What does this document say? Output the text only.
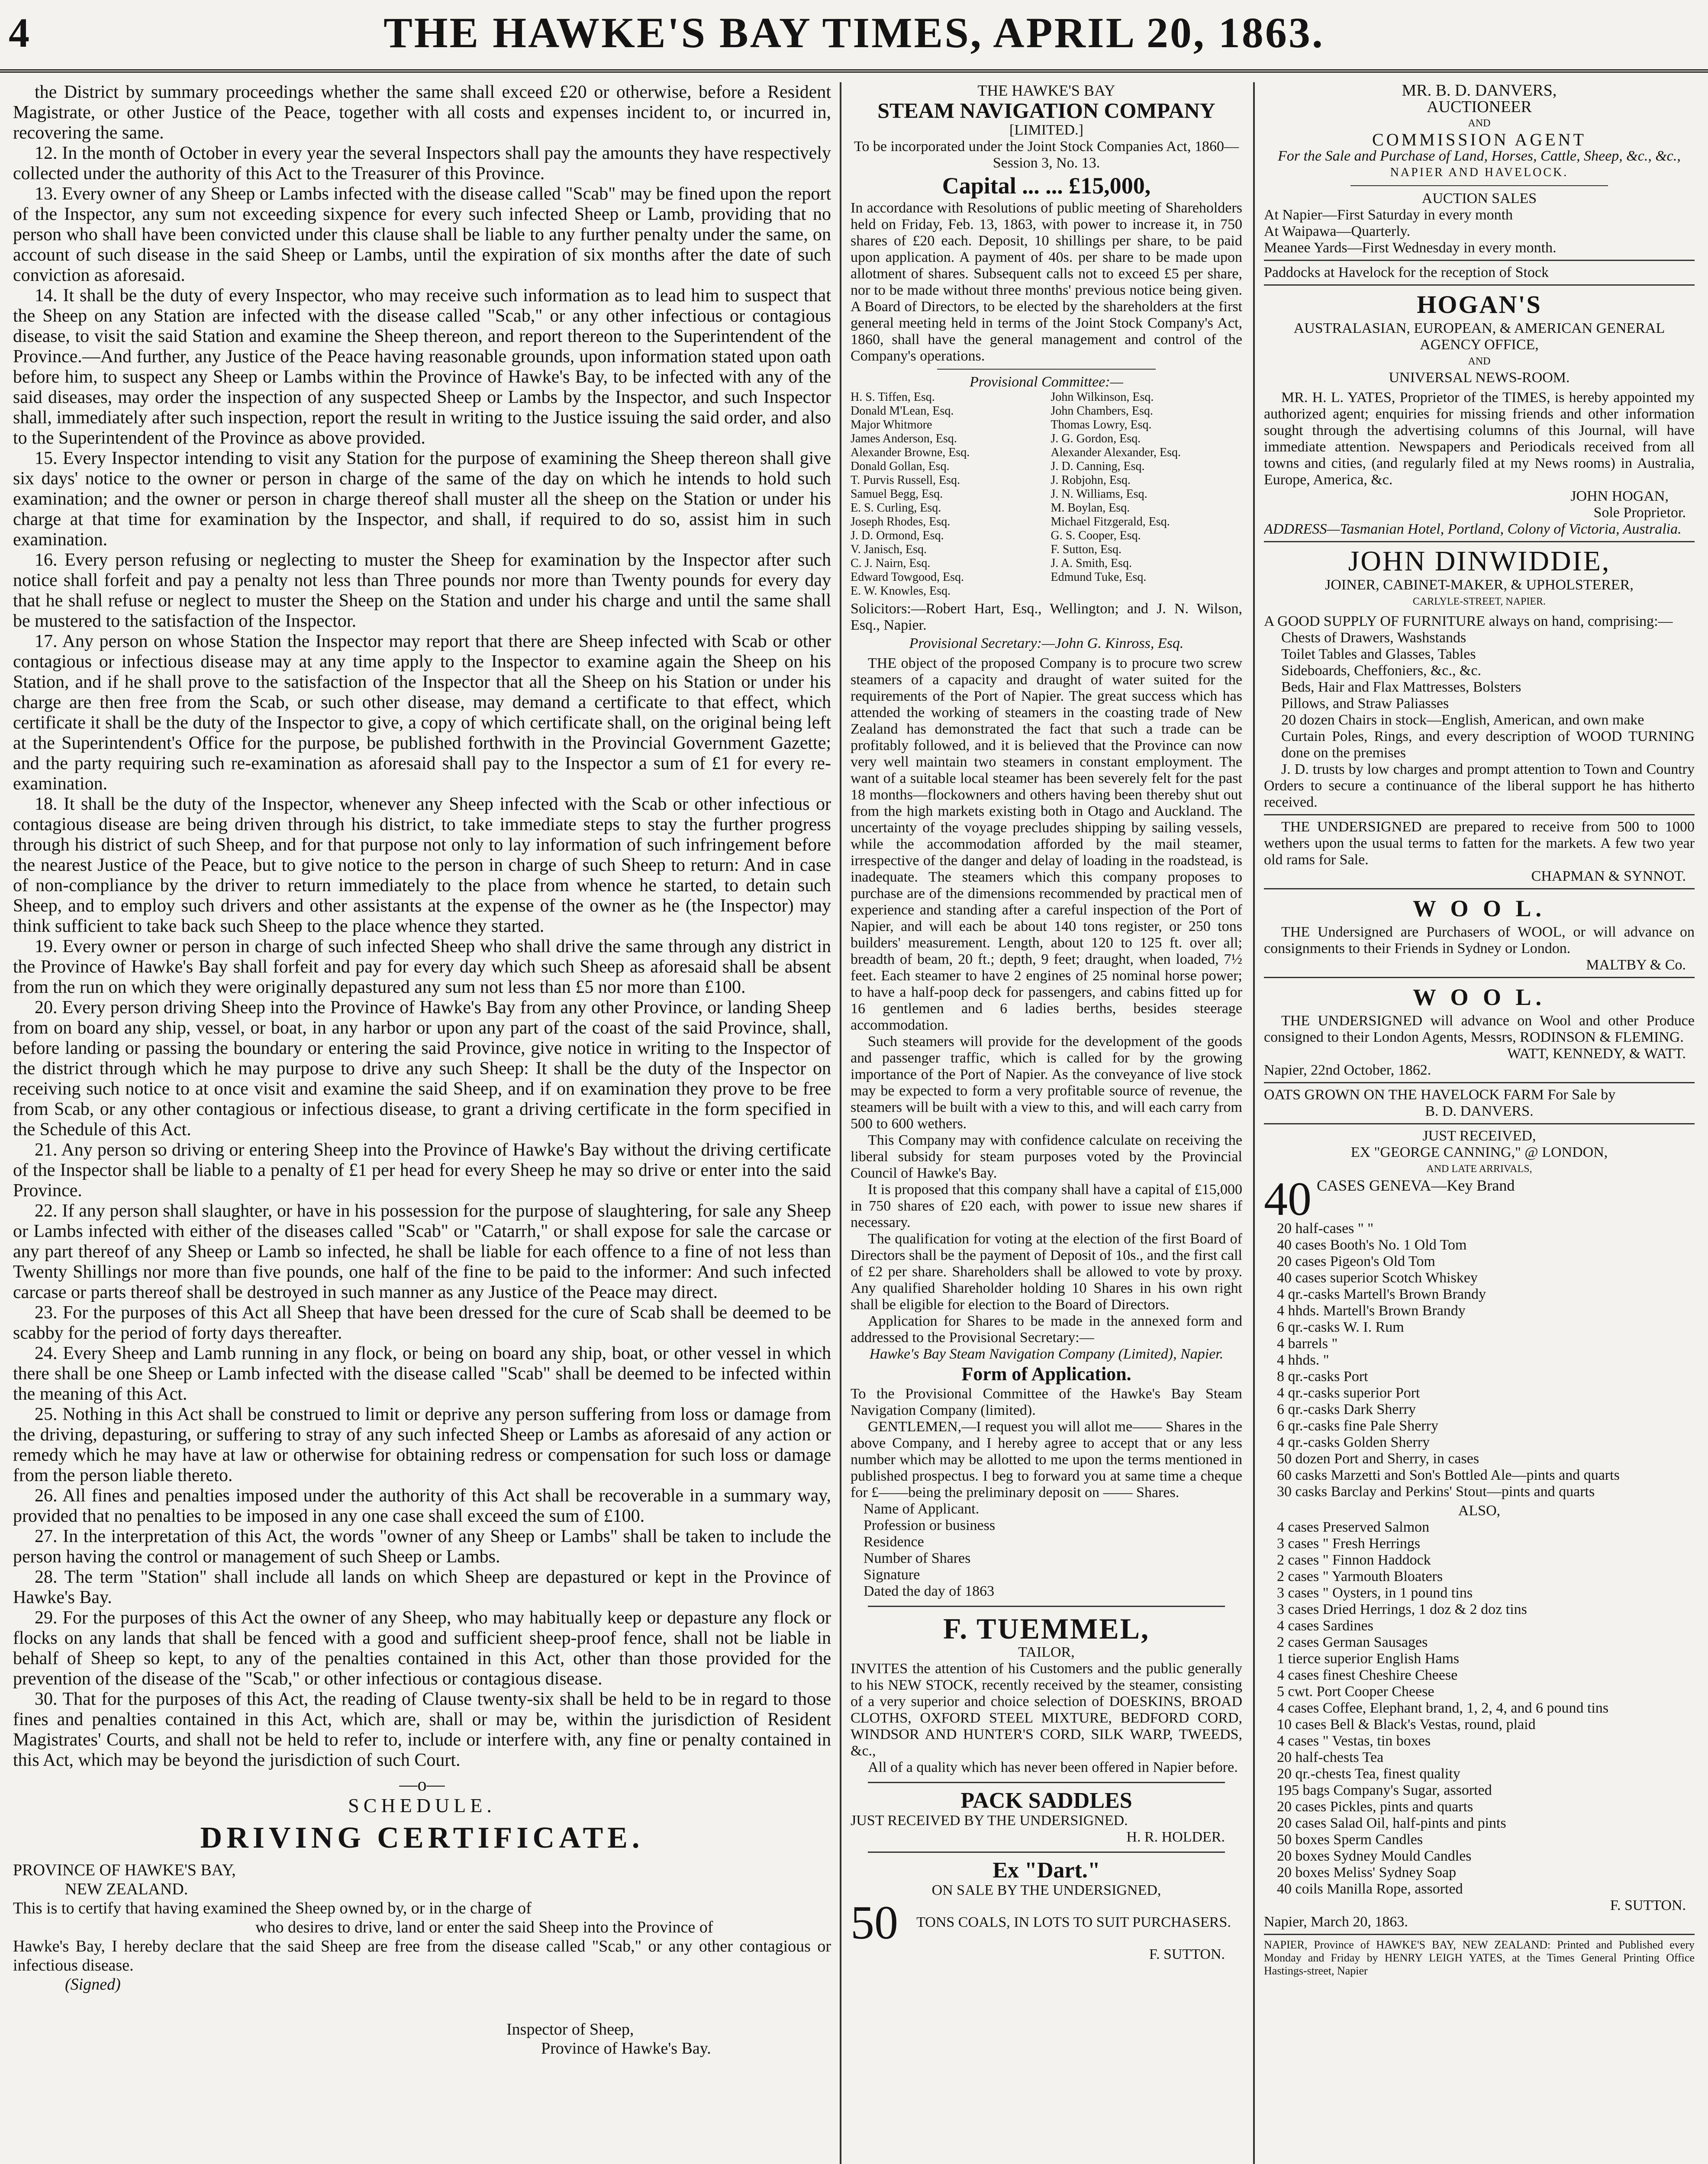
4	THE HAWKE'S BAY TIMES, APRIL 20, 1863.

the District by summary proceedings whether the same shall exceed £20 or otherwise, before a Resident Magistrate, or other Justice of the Peace, together with all costs and expenses incident to, or incurred in, recovering the same.

12. In the month of October in every year the several Inspectors shall pay the amounts they have respectively collected under the authority of this Act to the Treasurer of this Province.

13. Every owner of any Sheep or Lambs infected with the disease called "Scab" may be fined upon the report of the Inspector, any sum not exceeding sixpence for every such infected Sheep or Lamb, providing that no person who shall have been convicted under this clause shall be liable to any further penalty under the same, on account of such disease in the said Sheep or Lambs, until the expiration of six months after the date of such conviction as aforesaid.

14. It shall be the duty of every Inspector, who may receive such information as to lead him to suspect that the Sheep on any Station are infected with the disease called "Scab," or any other infectious or contagious disease, to visit the said Station and examine the Sheep thereon, and report thereon to the Superintendent of the Province.—And further, any Justice of the Peace having reasonable grounds, upon information stated upon oath before him, to suspect any Sheep or Lambs within the Province of Hawke's Bay, to be infected with any of the said diseases, may order the inspection of any suspected Sheep or Lambs by the Inspector, and such Inspector shall, immediately after such inspection, report the result in writing to the Justice issuing the said order, and also to the Superintendent of the Province as above provided.

15. Every Inspector intending to visit any Station for the purpose of examining the Sheep thereon shall give six days' notice to the owner or person in charge of the same of the day on which he intends to hold such examination; and the owner or person in charge thereof shall muster all the sheep on the Station or under his charge at that time for examination by the Inspector, and shall, if required to do so, assist him in such examination.

16. Every person refusing or neglecting to muster the Sheep for examination by the Inspector after such notice shall forfeit and pay a penalty not less than Three pounds nor more than Twenty pounds for every day that he shall refuse or neglect to muster the Sheep on the Station and under his charge and until the same shall be mustered to the satisfaction of the Inspector.

17. Any person on whose Station the Inspector may report that there are Sheep infected with Scab or other contagious or infectious disease may at any time apply to the Inspector to examine again the Sheep on his Station, and if he shall prove to the satisfaction of the Inspector that all the Sheep on his Station or under his charge are then free from the Scab, or such other disease, may demand a certificate to that effect, which certificate it shall be the duty of the Inspector to give, a copy of which certificate shall, on the original being left at the Superintendent's Office for the purpose, be published forthwith in the Provincial Government Gazette; and the party requiring such re-examination as aforesaid shall pay to the Inspector a sum of £1 for every re-examination.

18. It shall be the duty of the Inspector, whenever any Sheep infected with the Scab or other infectious or contagious disease are being driven through his district, to take immediate steps to stay the further progress through his district of such Sheep, and for that purpose not only to lay information of such infringement before the nearest Justice of the Peace, but to give notice to the person in charge of such Sheep to return: And in case of non-compliance by the driver to return immediately to the place from whence he started, to detain such Sheep, and to employ such drivers and other assistants at the expense of the owner as he (the Inspector) may think sufficient to take back such Sheep to the place whence they started.

19. Every owner or person in charge of such infected Sheep who shall drive the same through any district in the Province of Hawke's Bay shall forfeit and pay for every day which such Sheep as aforesaid shall be absent from the run on which they were originally depastured any sum not less than £5 nor more than £100.

20. Every person driving Sheep into the Province of Hawke's Bay from any other Province, or landing Sheep from on board any ship, vessel, or boat, in any harbor or upon any part of the coast of the said Province, shall, before landing or passing the boundary or entering the said Province, give notice in writing to the Inspector of the district through which he may purpose to drive any such Sheep: It shall be the duty of the Inspector on receiving such notice to at once visit and examine the said Sheep, and if on examination they prove to be free from Scab, or any other contagious or infectious disease, to grant a driving certificate in the form specified in the Schedule of this Act.

21. Any person so driving or entering Sheep into the Province of Hawke's Bay without the driving certificate of the Inspector shall be liable to a penalty of £1 per head for every Sheep he may so drive or enter into the said Province.

22. If any person shall slaughter, or have in his possession for the purpose of slaughtering, for sale any Sheep or Lambs infected with either of the diseases called "Scab" or "Catarrh," or shall expose for sale the carcase or any part thereof of any Sheep or Lamb so infected, he shall be liable for each offence to a fine of not less than Twenty Shillings nor more than five pounds, one half of the fine to be paid to the informer: And such infected carcase or parts thereof shall be destroyed in such manner as any Justice of the Peace may direct.

23. For the purposes of this Act all Sheep that have been dressed for the cure of Scab shall be deemed to be scabby for the period of forty days thereafter.

24. Every Sheep and Lamb running in any flock, or being on board any ship, boat, or other vessel in which there shall be one Sheep or Lamb infected with the disease called "Scab" shall be deemed to be infected within the meaning of this Act.

25. Nothing in this Act shall be construed to limit or deprive any person suffering from loss or damage from the driving, depasturing, or suffering to stray of any such infected Sheep or Lambs as aforesaid of any action or remedy which he may have at law or otherwise for obtaining redress or compensation for such loss or damage from the person liable thereto.

26. All fines and penalties imposed under the authority of this Act shall be recoverable in a summary way, provided that no penalties to be imposed in any one case shall exceed the sum of £100.

27. In the interpretation of this Act, the words "owner of any Sheep or Lambs" shall be taken to include the person having the control or management of such Sheep or Lambs.

28. The term "Station" shall include all lands on which Sheep are depastured or kept in the Province of Hawke's Bay.

29. For the purposes of this Act the owner of any Sheep, who may habitually keep or depasture any flock or flocks on any lands that shall be fenced with a good and sufficient sheep-proof fence, shall not be liable in behalf of Sheep so kept, to any of the penalties contained in this Act, other than those provided for the prevention of the disease of the "Scab," or other infectious or contagious disease.

30. That for the purposes of this Act, the reading of Clause twenty-six shall be held to be in regard to those fines and penalties contained in this Act, which are, shall or may be, within the jurisdiction of Resident Magistrates' Courts, and shall not be held to refer to, include or interfere with, any fine or penalty contained in this Act, which may be beyond the jurisdiction of such Court.

—o—

SCHEDULE.

DRIVING CERTIFICATE.

PROVINCE OF HAWKE'S BAY,

NEW ZEALAND.

This is to certify that having examined the Sheep owned by, or in the charge of

who desires to drive, land or enter the said Sheep into the Province of

Hawke's Bay, I hereby declare that the said Sheep are free from the disease called "Scab," or any other contagious or infectious disease.

(Signed)

Inspector of Sheep,

Province of Hawke's Bay.

THE HAWKE'S BAY

STEAM NAVIGATION COMPANY

[LIMITED.]

To be incorporated under the Joint Stock Companies Act, 1860—Session 3, No. 13.

Capital ... ... £15,000,

In accordance with Resolutions of public meeting of Shareholders held on Friday, Feb. 13, 1863, with power to increase it, in 750 shares of £20 each. Deposit, 10 shillings per share, to be paid upon application. A payment of 40s. per share to be made upon allotment of shares. Subsequent calls not to exceed £5 per share, nor to be made without three months' previous notice being given. A Board of Directors, to be elected by the shareholders at the first general meeting held in terms of the Joint Stock Company's Act, 1860, shall have the general management and control of the Company's operations.

Provisional Committee:—

H. S. Tiffen, Esq.

Donald M'Lean, Esq.

Major Whitmore

James Anderson, Esq.

Alexander Browne, Esq.

Donald Gollan, Esq.

T. Purvis Russell, Esq.

Samuel Begg, Esq.

E. S. Curling, Esq.

Joseph Rhodes, Esq.

J. D. Ormond, Esq.

V. Janisch, Esq.

C. J. Nairn, Esq.

Edward Towgood, Esq.

E. W. Knowles, Esq.

John Wilkinson, Esq.

John Chambers, Esq.

Thomas Lowry, Esq.

J. G. Gordon, Esq.

Alexander Alexander, Esq.

J. D. Canning, Esq.

J. Robjohn, Esq.

J. N. Williams, Esq.

M. Boylan, Esq.

Michael Fitzgerald, Esq.

G. S. Cooper, Esq.

F. Sutton, Esq.

J. A. Smith, Esq.

Edmund Tuke, Esq.

Solicitors:—Robert Hart, Esq., Wellington; and J. N. Wilson, Esq., Napier.

Provisional Secretary:—John G. Kinross, Esq.

THE object of the proposed Company is to procure two screw steamers of a capacity and draught of water suited for the requirements of the Port of Napier. The great success which has attended the working of steamers in the coasting trade of New Zealand has demonstrated the fact that such a trade can be profitably followed, and it is believed that the Province can now very well maintain two steamers in constant employment. The want of a suitable local steamer has been severely felt for the past 18 months—flockowners and others having been thereby shut out from the high markets existing both in Otago and Auckland. The uncertainty of the voyage precludes shipping by sailing vessels, while the accommodation afforded by the mail steamer, irrespective of the danger and delay of loading in the roadstead, is inadequate. The steamers which this company proposes to purchase are of the dimensions recommended by practical men of experience and standing after a careful inspection of the Port of Napier, and will each be about 140 tons register, or 250 tons builders' measurement. Length, about 120 to 125 ft. over all; breadth of beam, 20 ft.; depth, 9 feet; draught, when loaded, 7½ feet. Each steamer to have 2 engines of 25 nominal horse power; to have a half-poop deck for passengers, and cabins fitted up for 16 gentlemen and 6 ladies berths, besides steerage accommodation.

Such steamers will provide for the development of the goods and passenger traffic, which is called for by the growing importance of the Port of Napier. As the conveyance of live stock may be expected to form a very profitable source of revenue, the steamers will be built with a view to this, and will each carry from 500 to 600 wethers.

This Company may with confidence calculate on receiving the liberal subsidy for steam purposes voted by the Provincial Council of Hawke's Bay.

It is proposed that this company shall have a capital of £15,000 in 750 shares of £20 each, with power to issue new shares if necessary.

The qualification for voting at the election of the first Board of Directors shall be the payment of Deposit of 10s., and the first call of £2 per share. Shareholders shall be allowed to vote by proxy. Any qualified Shareholder holding 10 Shares in his own right shall be eligible for election to the Board of Directors.

Application for Shares to be made in the annexed form and addressed to the Provisional Secretary:—

Hawke's Bay Steam Navigation Company (Limited), Napier.

Form of Application.

To the Provisional Committee of the Hawke's Bay Steam Navigation Company (limited).

GENTLEMEN,—I request you will allot me—— Shares in the above Company, and I hereby agree to accept that or any less number which may be allotted to me upon the terms mentioned in published prospectus. I beg to forward you at same time a cheque for £——being the preliminary deposit on —— Shares.

Name of Applicant.

Profession or business

Residence

Number of Shares

Signature

Dated the day of 1863

F. TUEMMEL,

TAILOR,

INVITES the attention of his Customers and the public generally to his NEW STOCK, recently received by the steamer, consisting of a very superior and choice selection of DOESKINS, BROAD CLOTHS, OXFORD STEEL MIXTURE, BEDFORD CORD, WINDSOR AND HUNTER'S CORD, SILK WARP, TWEEDS, &c.,

All of a quality which has never been offered in Napier before.

PACK SADDLES

JUST RECEIVED BY THE UNDERSIGNED.

H. R. HOLDER.

Ex "Dart."

ON SALE BY THE UNDERSIGNED,

50	TONS COALS, IN LOTS TO SUIT PURCHASERS.

F. SUTTON.

MR. B. D. DANVERS,

AUCTIONEER

AND

COMMISSION AGENT

For the Sale and Purchase of Land, Horses, Cattle, Sheep, &c., &c.,

NAPIER AND HAVELOCK.

AUCTION SALES

At Napier—First Saturday in every month

At Waipawa—Quarterly.

Meanee Yards—First Wednesday in every month.

Paddocks at Havelock for the reception of Stock

HOGAN'S

AUSTRALASIAN, EUROPEAN, & AMERICAN GENERAL AGENCY OFFICE,

AND

UNIVERSAL NEWS-ROOM.

MR. H. L. YATES, Proprietor of the TIMES, is hereby appointed my authorized agent; enquiries for missing friends and other information sought through the advertising columns of this Journal, will have immediate attention. Newspapers and Periodicals received from all towns and cities, (and regularly filed at my News rooms) in Australia, Europe, America, &c.

JOHN HOGAN,

Sole Proprietor.

ADDRESS—Tasmanian Hotel, Portland, Colony of Victoria, Australia.

JOHN DINWIDDIE,

JOINER, CABINET-MAKER, & UPHOLSTERER,

CARLYLE-STREET, NAPIER.

A GOOD SUPPLY OF FURNITURE always on hand, comprising:—

Chests of Drawers, Washstands

Toilet Tables and Glasses, Tables

Sideboards, Cheffoniers, &c., &c.

Beds, Hair and Flax Mattresses, Bolsters

Pillows, and Straw Paliasses

20 dozen Chairs in stock—English, American, and own make

Curtain Poles, Rings, and every description of WOOD TURNING done on the premises

J. D. trusts by low charges and prompt attention to Town and Country Orders to secure a continuance of the liberal support he has hitherto received.

THE UNDERSIGNED are prepared to receive from 500 to 1000 wethers upon the usual terms to fatten for the markets. A few two year old rams for Sale.

CHAPMAN & SYNNOT.

W O O L.

THE Undersigned are Purchasers of WOOL, or will advance on consignments to their Friends in Sydney or London.

MALTBY & Co.

W O O L.

THE UNDERSIGNED will advance on Wool and other Produce consigned to their London Agents, Messrs, RODINSON & FLEMING.

WATT, KENNEDY, & WATT.

Napier, 22nd October, 1862.

OATS GROWN ON THE HAVELOCK FARM For Sale by

B. D. DANVERS.

JUST RECEIVED,

EX "GEORGE CANNING," @ LONDON,

AND LATE ARRIVALS,

40 CASES GENEVA—Key Brand

20 half-cases " "

40 cases Booth's No. 1 Old Tom

20 cases Pigeon's Old Tom

40 cases superior Scotch Whiskey

4 qr.-casks Martell's Brown Brandy

4 hhds. Martell's Brown Brandy

6 qr.-casks W. I. Rum

4 barrels "

4 hhds. "

8 qr.-casks Port

4 qr.-casks superior Port

6 qr.-casks Dark Sherry

6 qr.-casks fine Pale Sherry

4 qr.-casks Golden Sherry

50 dozen Port and Sherry, in cases

60 casks Marzetti and Son's Bottled Ale—pints and quarts

30 casks Barclay and Perkins' Stout—pints and quarts

ALSO,

4 cases Preserved Salmon

3 cases " Fresh Herrings

2 cases " Finnon Haddock

2 cases " Yarmouth Bloaters

3 cases " Oysters, in 1 pound tins

3 cases Dried Herrings, 1 doz & 2 doz tins

4 cases Sardines

2 cases German Sausages

1 tierce superior English Hams

4 cases finest Cheshire Cheese

5 cwt. Port Cooper Cheese

4 cases Coffee, Elephant brand, 1, 2, 4, and 6 pound tins

10 cases Bell & Black's Vestas, round, plaid

4 cases " Vestas, tin boxes

20 half-chests Tea

20 qr.-chests Tea, finest quality

195 bags Company's Sugar, assorted

20 cases Pickles, pints and quarts

20 cases Salad Oil, half-pints and pints

50 boxes Sperm Candles

20 boxes Sydney Mould Candles

20 boxes Meliss' Sydney Soap

40 coils Manilla Rope, assorted

F. SUTTON.

Napier, March 20, 1863.

NAPIER, Province of HAWKE'S BAY, NEW ZEALAND: Printed and Published every Monday and Friday by HENRY LEIGH YATES, at the Times General Printing Office Hastings-street, Napier
